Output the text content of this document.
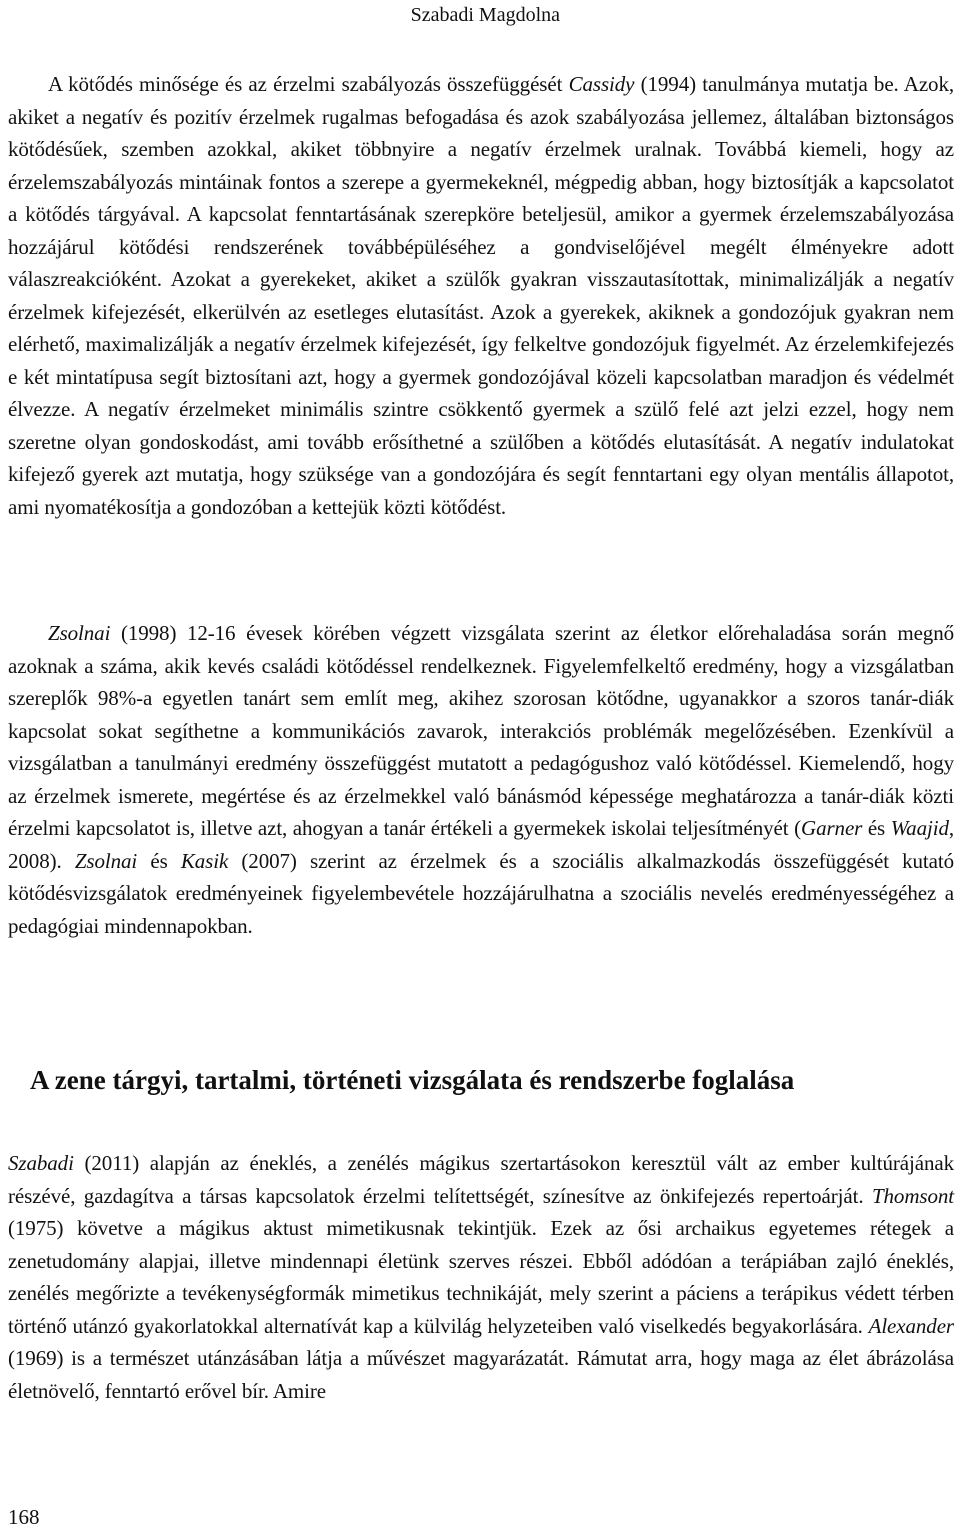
Szabadi Magdolna

A kötődés minősége és az érzelmi szabályozás összefüggését Cassidy (1994) tanulmánya mutatja be. Azok, akiket a negatív és pozitív érzelmek rugalmas befogadása és azok szabályozása jellemez, általában biztonságos kötődésűek, szemben azokkal, akiket többnyire a negatív érzelmek uralnak. Továbbá kiemeli, hogy az érzelemszabályozás mintáinak fontos a szerepe a gyermekeknél, mégpedig abban, hogy biztosítják a kapcsolatot a kötődés tárgyával. A kapcsolat fenntartásának szerepköre beteljesül, amikor a gyermek érzelemszabályozása hozzájárul kötődési rendszerének továbbépüléséhez a gondviselőjével megélt élményekre adott válaszreakcióként. Azokat a gyerekeket, akiket a szülők gyakran visszautasítottak, minimalizálják a negatív érzelmek kifejezését, elkerülvén az esetleges elutasítást. Azok a gyerekek, akiknek a gondozójuk gyakran nem elérhető, maximalizálják a negatív érzelmek kifejezését, így felkeltve gondozójuk figyelmét. Az érzelemkifejezés e két mintatípusa segít biztosítani azt, hogy a gyermek gondozójával közeli kapcsolatban maradjon és védelmét élvezze. A negatív érzelmeket minimális szintre csökkentő gyermek a szülő felé azt jelzi ezzel, hogy nem szeretne olyan gondoskodást, ami tovább erősíthetné a szülőben a kötődés elutasítását. A negatív indulatokat kifejező gyerek azt mutatja, hogy szüksége van a gondozójára és segít fenntartani egy olyan mentális állapotot, ami nyomatékosítja a gondozóban a kettejük közti kötődést.

Zsolnai (1998) 12-16 évesek körében végzett vizsgálata szerint az életkor előrehaladása során megnő azoknak a száma, akik kevés családi kötődéssel rendelkeznek. Figyelemfelkeltő eredmény, hogy a vizsgálatban szereplők 98%-a egyetlen tanárt sem említ meg, akihez szorosan kötődne, ugyanakkor a szoros tanár-diák kapcsolat sokat segíthetne a kommunikációs zavarok, interakciós problémák megelőzésében. Ezenkívül a vizsgálatban a tanulmányi eredmény összefüggést mutatott a pedagógushoz való kötődéssel. Kiemelendő, hogy az érzelmek ismerete, megértése és az érzelmekkel való bánásmód képessége meghatározza a tanár-diák közti érzelmi kapcsolatot is, illetve azt, ahogyan a tanár értékeli a gyermekek iskolai teljesítményét (Garner és Waajid, 2008). Zsolnai és Kasik (2007) szerint az érzelmek és a szociális alkalmazkodás összefüggését kutató kötődésvizsgálatok eredményeinek figyelembevétele hozzájárulhatna a szociális nevelés eredményességéhez a pedagógiai mindennapokban.

A zene tárgyi, tartalmi, történeti vizsgálata és rendszerbe foglalása

Szabadi (2011) alapján az éneklés, a zenélés mágikus szertartásokon keresztül vált az ember kultúrájának részévé, gazdagítva a társas kapcsolatok érzelmi telítettségét, színesítve az önkifejezés repertoárját. Thomsont (1975) követve a mágikus aktust mimetikusnak tekintjük. Ezek az ősi archaikus egyetemes rétegek a zenetudomány alapjai, illetve mindennapi életünk szerves részei. Ebből adódóan a terápiában zajló éneklés, zenélés megőrizte a tevékenységformák mimetikus technikáját, mely szerint a páciens a terápikus védett térben történő utánzó gyakorlatokkal alternatívát kap a külvilág helyzeteiben való viselkedés begyakorlására. Alexander (1969) is a természet utánzásában látja a művészet magyarázatát. Rámutat arra, hogy maga az élet ábrázolása életnövelő, fenntartó erővel bír. Amire

168
